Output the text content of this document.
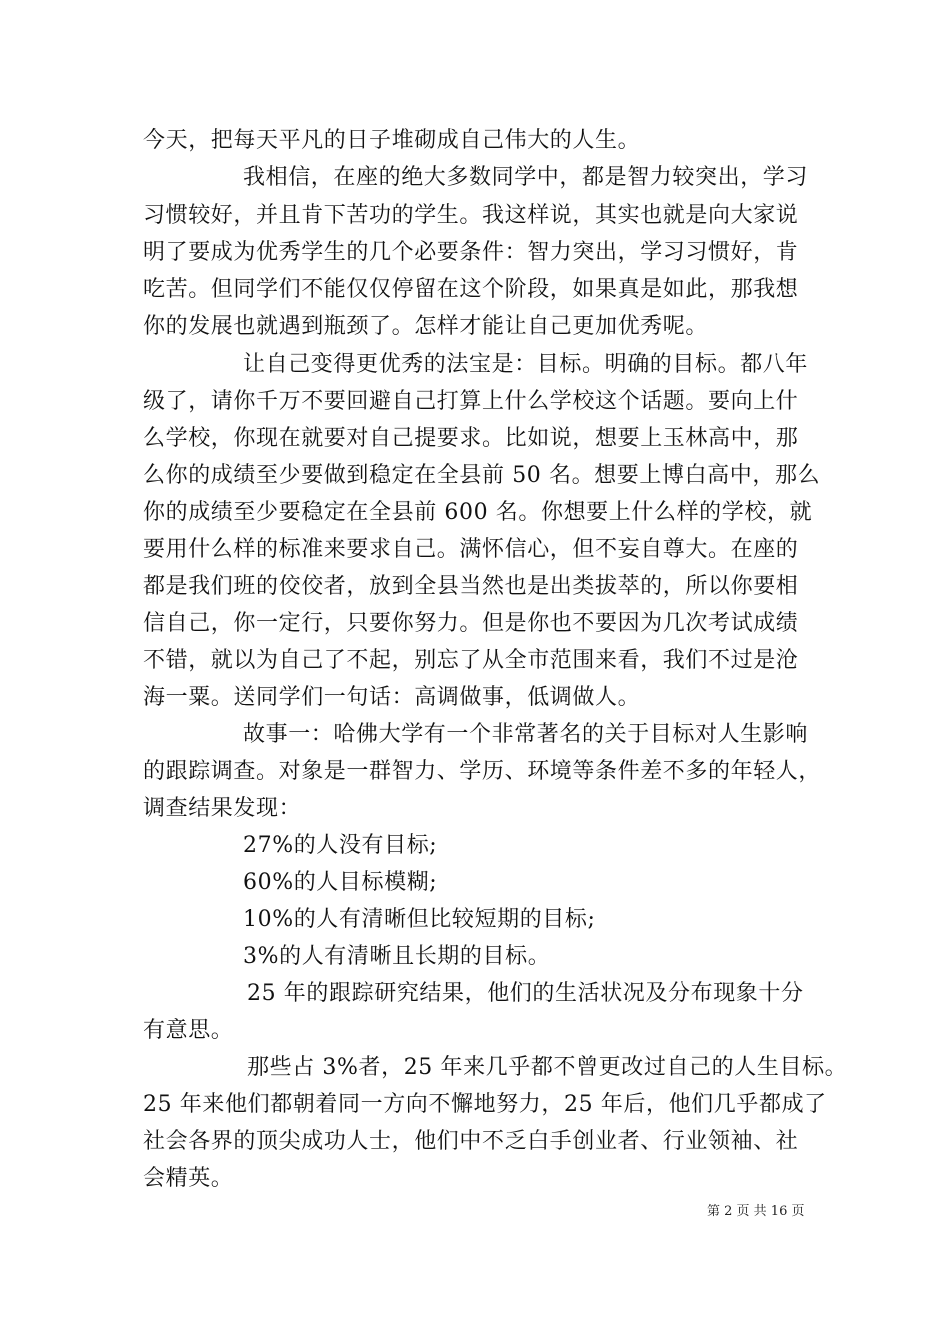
今天，把每天平凡的日子堆砌成自己伟大的人生。
我相信，在座的绝大多数同学中，都是智力较突出，学习
习惯较好，并且肯下苦功的学生。我这样说，其实也就是向大家说
明了要成为优秀学生的几个必要条件：智力突出，学习习惯好，肯
吃苦。但同学们不能仅仅停留在这个阶段，如果真是如此，那我想
你的发展也就遇到瓶颈了。怎样才能让自己更加优秀呢。
让自己变得更优秀的法宝是：目标。明确的目标。都八年
级了，请你千万不要回避自己打算上什么学校这个话题。要向上什
么学校，你现在就要对自己提要求。比如说，想要上玉林高中，那
么你的成绩至少要做到稳定在全县前 50 名。想要上博白高中，那么
你的成绩至少要稳定在全县前 600 名。你想要上什么样的学校，就
要用什么样的标准来要求自己。满怀信心，但不妄自尊大。在座的
都是我们班的佼佼者，放到全县当然也是出类拔萃的，所以你要相
信自己，你一定行，只要你努力。但是你也不要因为几次考试成绩
不错，就以为自己了不起，别忘了从全市范围来看，我们不过是沧
海一粟。送同学们一句话：高调做事，低调做人。
故事一：哈佛大学有一个非常著名的关于目标对人生影响
的跟踪调查。对象是一群智力、学历、环境等条件差不多的年轻人，
调查结果发现：
27%的人没有目标;
60%的人目标模糊;
10%的人有清晰但比较短期的目标;
3%的人有清晰且长期的目标。
25 年的跟踪研究结果，他们的生活状况及分布现象十分
有意思。
那些占 3%者，25 年来几乎都不曾更改过自己的人生目标。
25 年来他们都朝着同一方向不懈地努力，25 年后，他们几乎都成了
社会各界的顶尖成功人士，他们中不乏白手创业者、行业领袖、社
会精英。
第 2 页 共 16 页
